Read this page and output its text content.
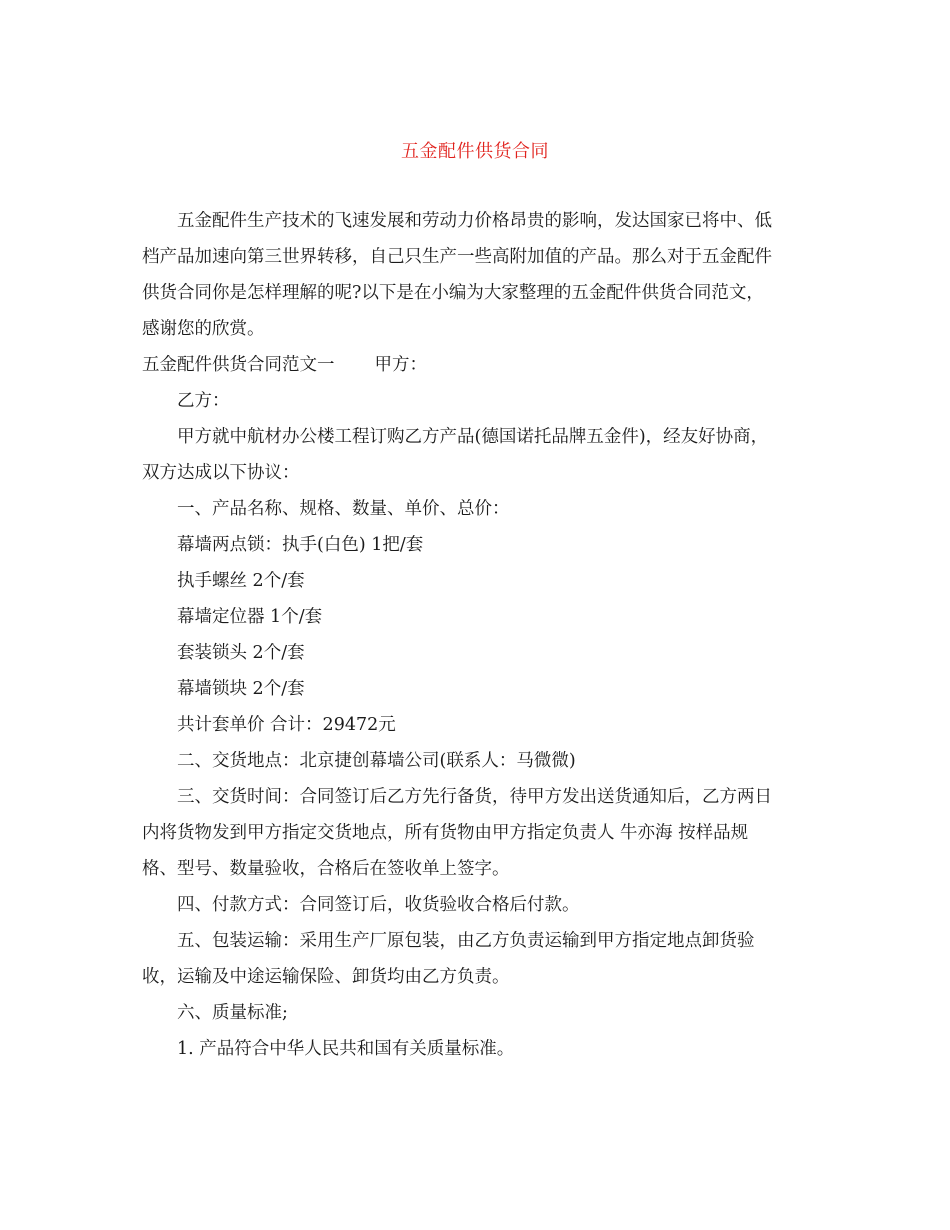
五金配件供货合同

五金配件生产技术的飞速发展和劳动力价格昂贵的影响，发达国家已将中、低

档产品加速向第三世界转移，自己只生产一些高附加值的产品。那么对于五金配件

供货合同你是怎样理解的呢?以下是在小编为大家整理的五金配件供货合同范文，

感谢您的欣赏。

五金配件供货合同范文一 甲方：

乙方：

甲方就中航材办公楼工程订购乙方产品(德国诺托品牌五金件)，经友好协商，

双方达成以下协议：

一、产品名称、规格、数量、单价、总价：

幕墙两点锁：执手(白色) 1把/套

执手螺丝 2个/套

幕墙定位器 1个/套

套装锁头 2个/套

幕墙锁块 2个/套

共计套单价 合计：29472元

二、交货地点：北京捷创幕墙公司(联系人：马微微)

三、交货时间：合同签订后乙方先行备货，待甲方发出送货通知后，乙方两日

内将货物发到甲方指定交货地点，所有货物由甲方指定负责人 牛亦海 按样品规

格、型号、数量验收，合格后在签收单上签字。

四、付款方式：合同签订后，收货验收合格后付款。

五、包装运输：采用生产厂原包装，由乙方负责运输到甲方指定地点卸货验

收，运输及中途运输保险、卸货均由乙方负责。

六、质量标准;

1. 产品符合中华人民共和国有关质量标准。
